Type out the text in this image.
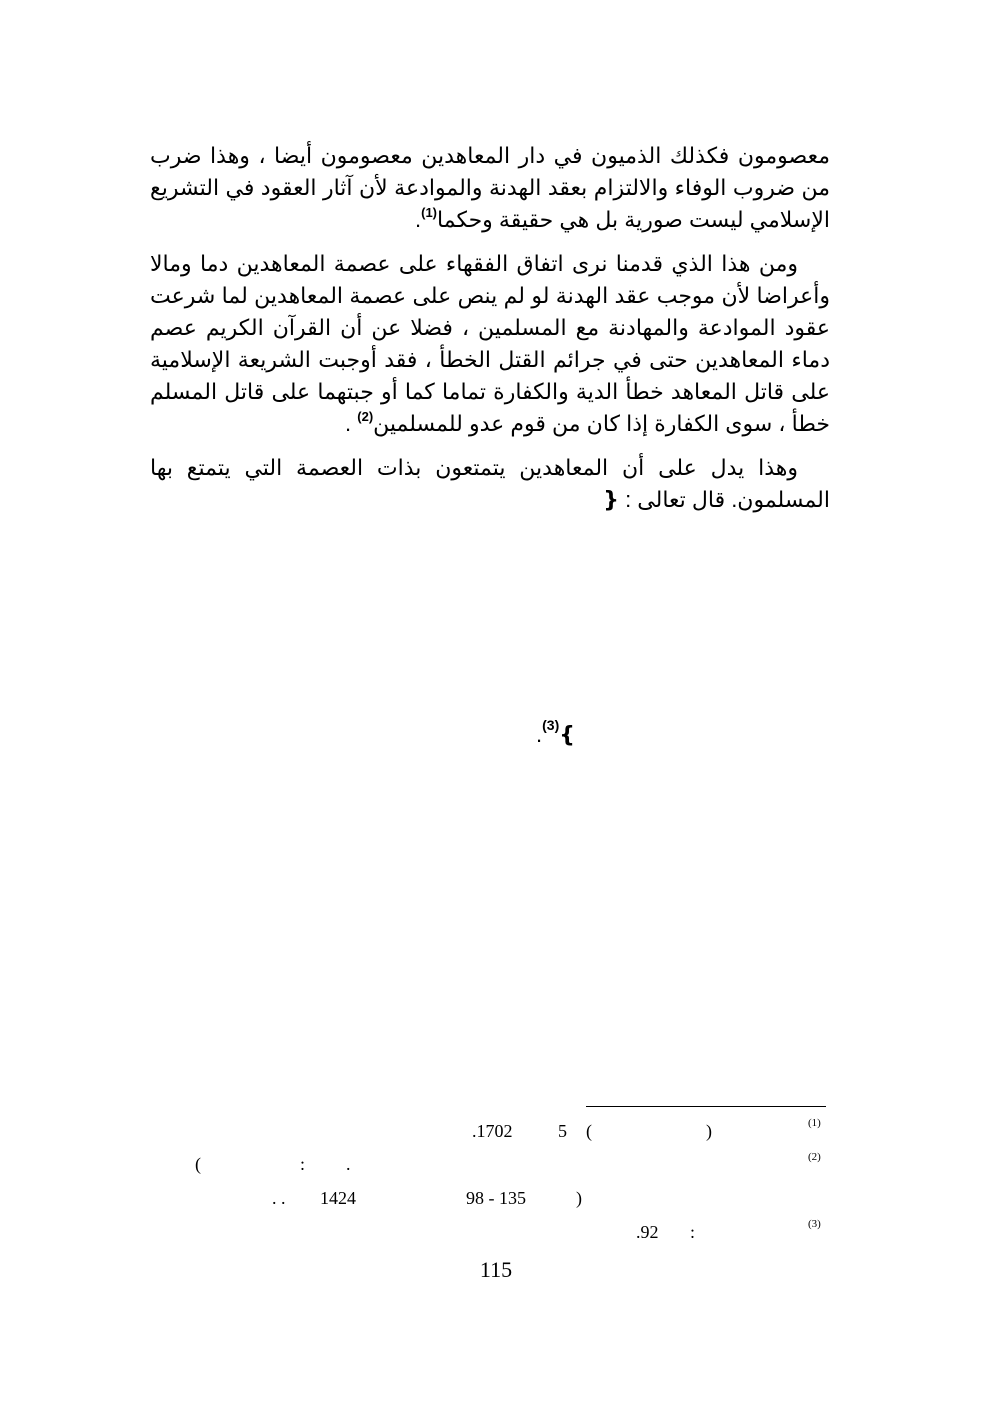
معصومون فكذلك الذميون في دار المعاهدين معصومون أيضا ، وهذا ضرب من ضروب الوفاء والالتزام بعقد الهدنة والموادعة لأن آثار العقود في التشريع الإسلامي ليست صورية بل هي حقيقة وحكما$^{(1)}$.

ومن هذا الذي قدمنا نرى اتفاق الفقهاء على عصمة المعاهدين دما ومالا وأعراضا لأن موجب عقد الهدنة لو لم ينص على عصمة المعاهدين لما شرعت عقود الموادعة والمهادنة مع المسلمين ، فضلا عن أن القرآن الكريم عصم دماء المعاهدين حتى في جرائم القتل الخطأ ، فقد أوجبت الشريعة الإسلامية على قاتل المعاهد خطأ الدية والكفارة تماما كما أو جبتهما على قاتل المسلم خطأ ، سوى الكفارة إذا كان من قوم عدو للمسلمين$^{(2)}$ .

وهذا يدل على أن المعاهدين يتمتعون بذات العصمة التي يتمتع بها المسلمون. قال تعالى : {

}$^{(3)}$.
(1)
)
(
5
.1702
(2)
.
:
(
)
98 - 135
1424
. .
(3)
:
.92
115
